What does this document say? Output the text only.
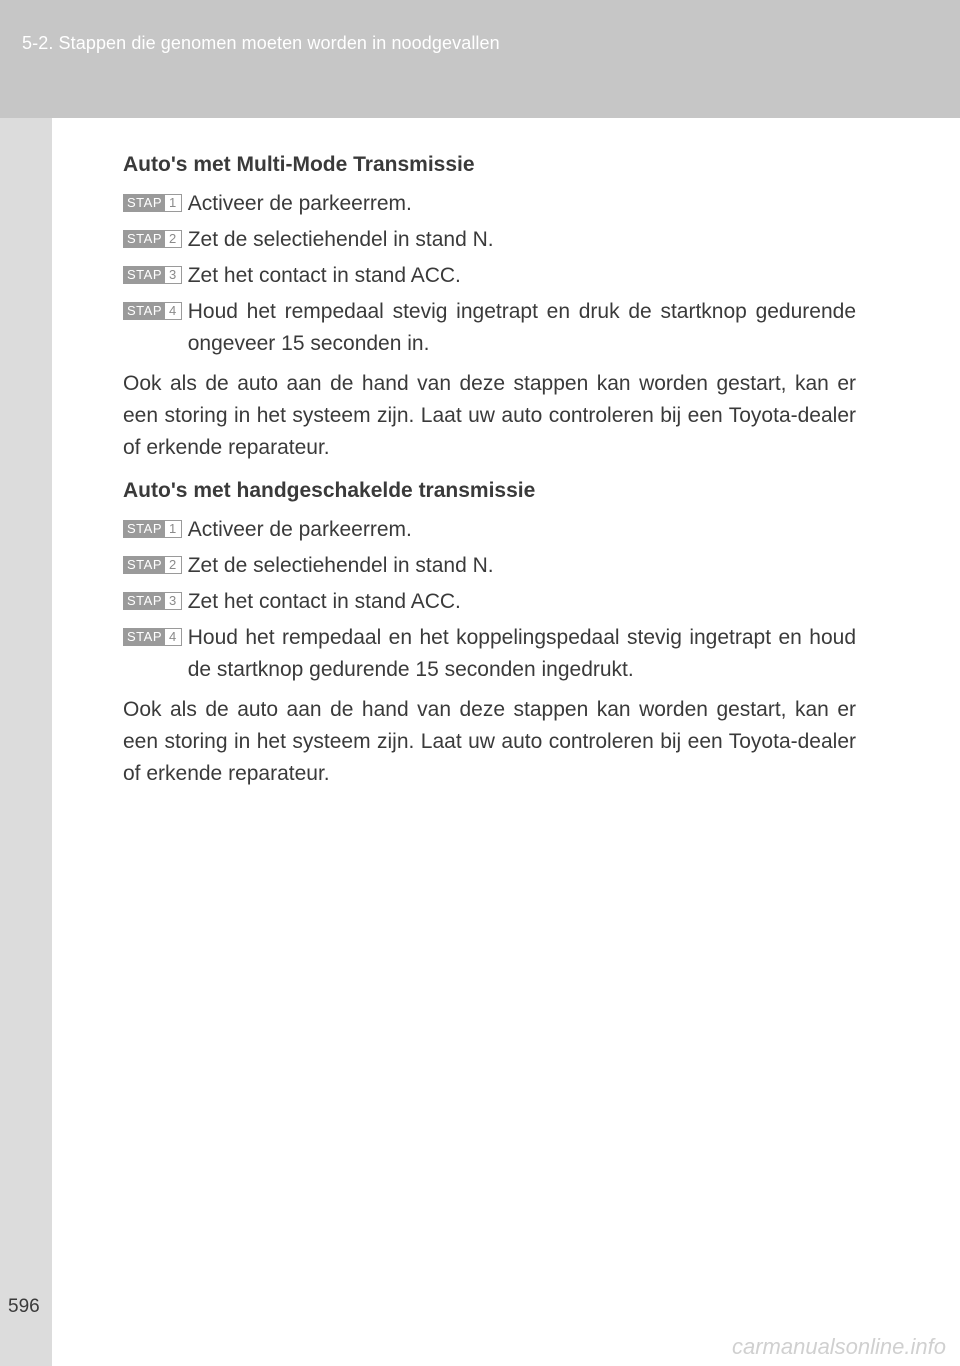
5-2. Stappen die genomen moeten worden in noodgevallen
Auto's met Multi-Mode Transmissie
STAP 1 Activeer de parkeerrem.
STAP 2 Zet de selectiehendel in stand N.
STAP 3 Zet het contact in stand ACC.
STAP 4 Houd het rempedaal stevig ingetrapt en druk de startknop gedurende ongeveer 15 seconden in.
Ook als de auto aan de hand van deze stappen kan worden gestart, kan er een storing in het systeem zijn. Laat uw auto controleren bij een Toyota-dealer of erkende reparateur.
Auto's met handgeschakelde transmissie
STAP 1 Activeer de parkeerrem.
STAP 2 Zet de selectiehendel in stand N.
STAP 3 Zet het contact in stand ACC.
STAP 4 Houd het rempedaal en het koppelingspedaal stevig ingetrapt en houd de startknop gedurende 15 seconden ingedrukt.
Ook als de auto aan de hand van deze stappen kan worden gestart, kan er een storing in het systeem zijn. Laat uw auto controleren bij een Toyota-dealer of erkende reparateur.
596
carmanualsonline.info
